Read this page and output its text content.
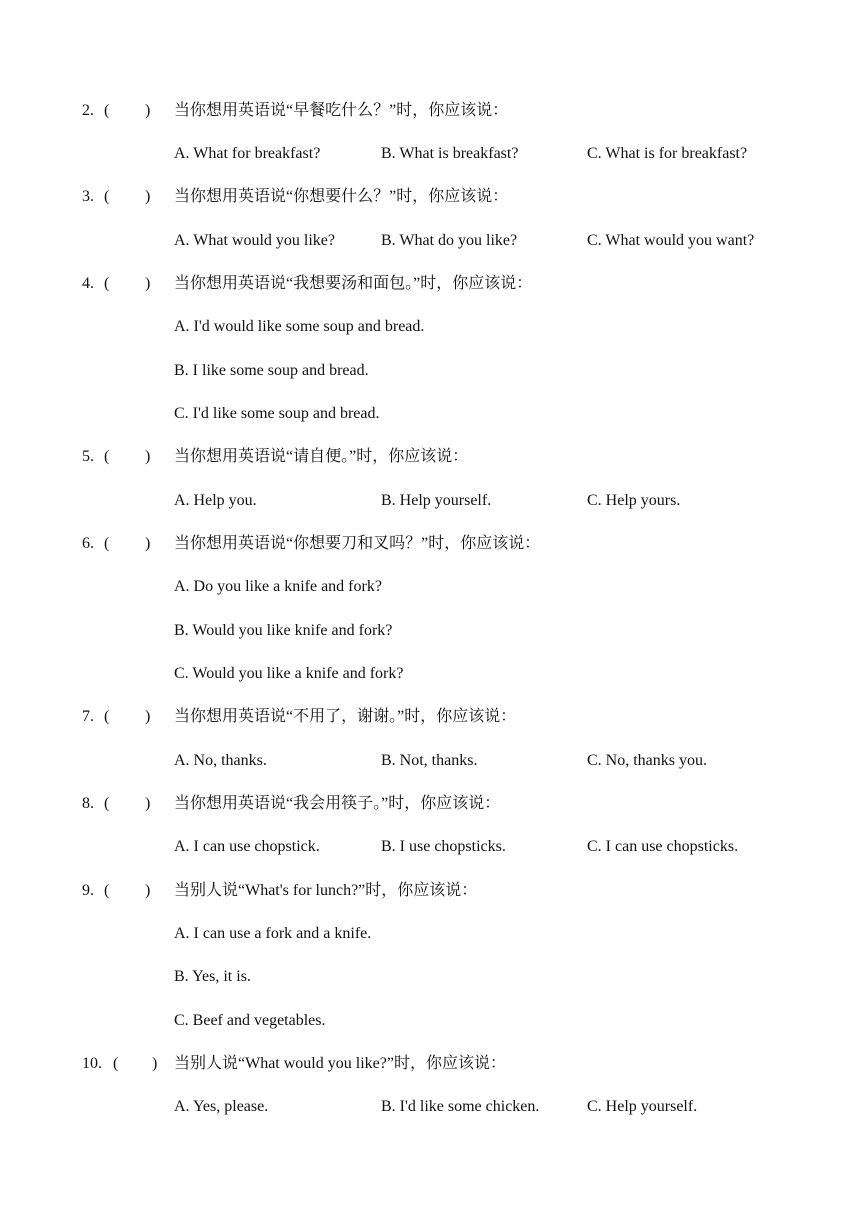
2. ( ) 当你想用英语说“早餐吃什么？”时，你应该说：
A. What for breakfast?	B. What is breakfast?	C. What is for breakfast?
3. ( ) 当你想用英语说“你想要什么？”时，你应该说：
A. What would you like?	B. What do you like?	C. What would you want?
4. ( ) 当你想用英语说“我想要汤和面包。”时，你应该说：
A. I'd would like some soup and bread.
B. I like some soup and bread.
C. I'd like some soup and bread.
5. ( ) 当你想用英语说“请自便。”时，你应该说：
A. Help you.	B. Help yourself.	C. Help yours.
6. ( ) 当你想用英语说“你想要刀和叉吗？”时，你应该说：
A. Do you like a knife and fork?
B. Would you like knife and fork?
C. Would you like a knife and fork?
7. ( ) 当你想用英语说“不用了，谢谢。”时，你应该说：
A. No, thanks.	B. Not, thanks.	C. No, thanks you.
8. ( ) 当你想用英语说“我会用筷子。”时，你应该说：
A. I can use chopstick.	B. I use chopsticks.	C. I can use chopsticks.
9. ( ) 当别人说“What's for lunch?”时，你应该说：
A. I can use a fork and a knife.
B. Yes, it is.
C. Beef and vegetables.
10. ( ) 当别人说“What would you like?”时，你应该说：
A. Yes, please.	B. I'd like some chicken.	C. Help yourself.
